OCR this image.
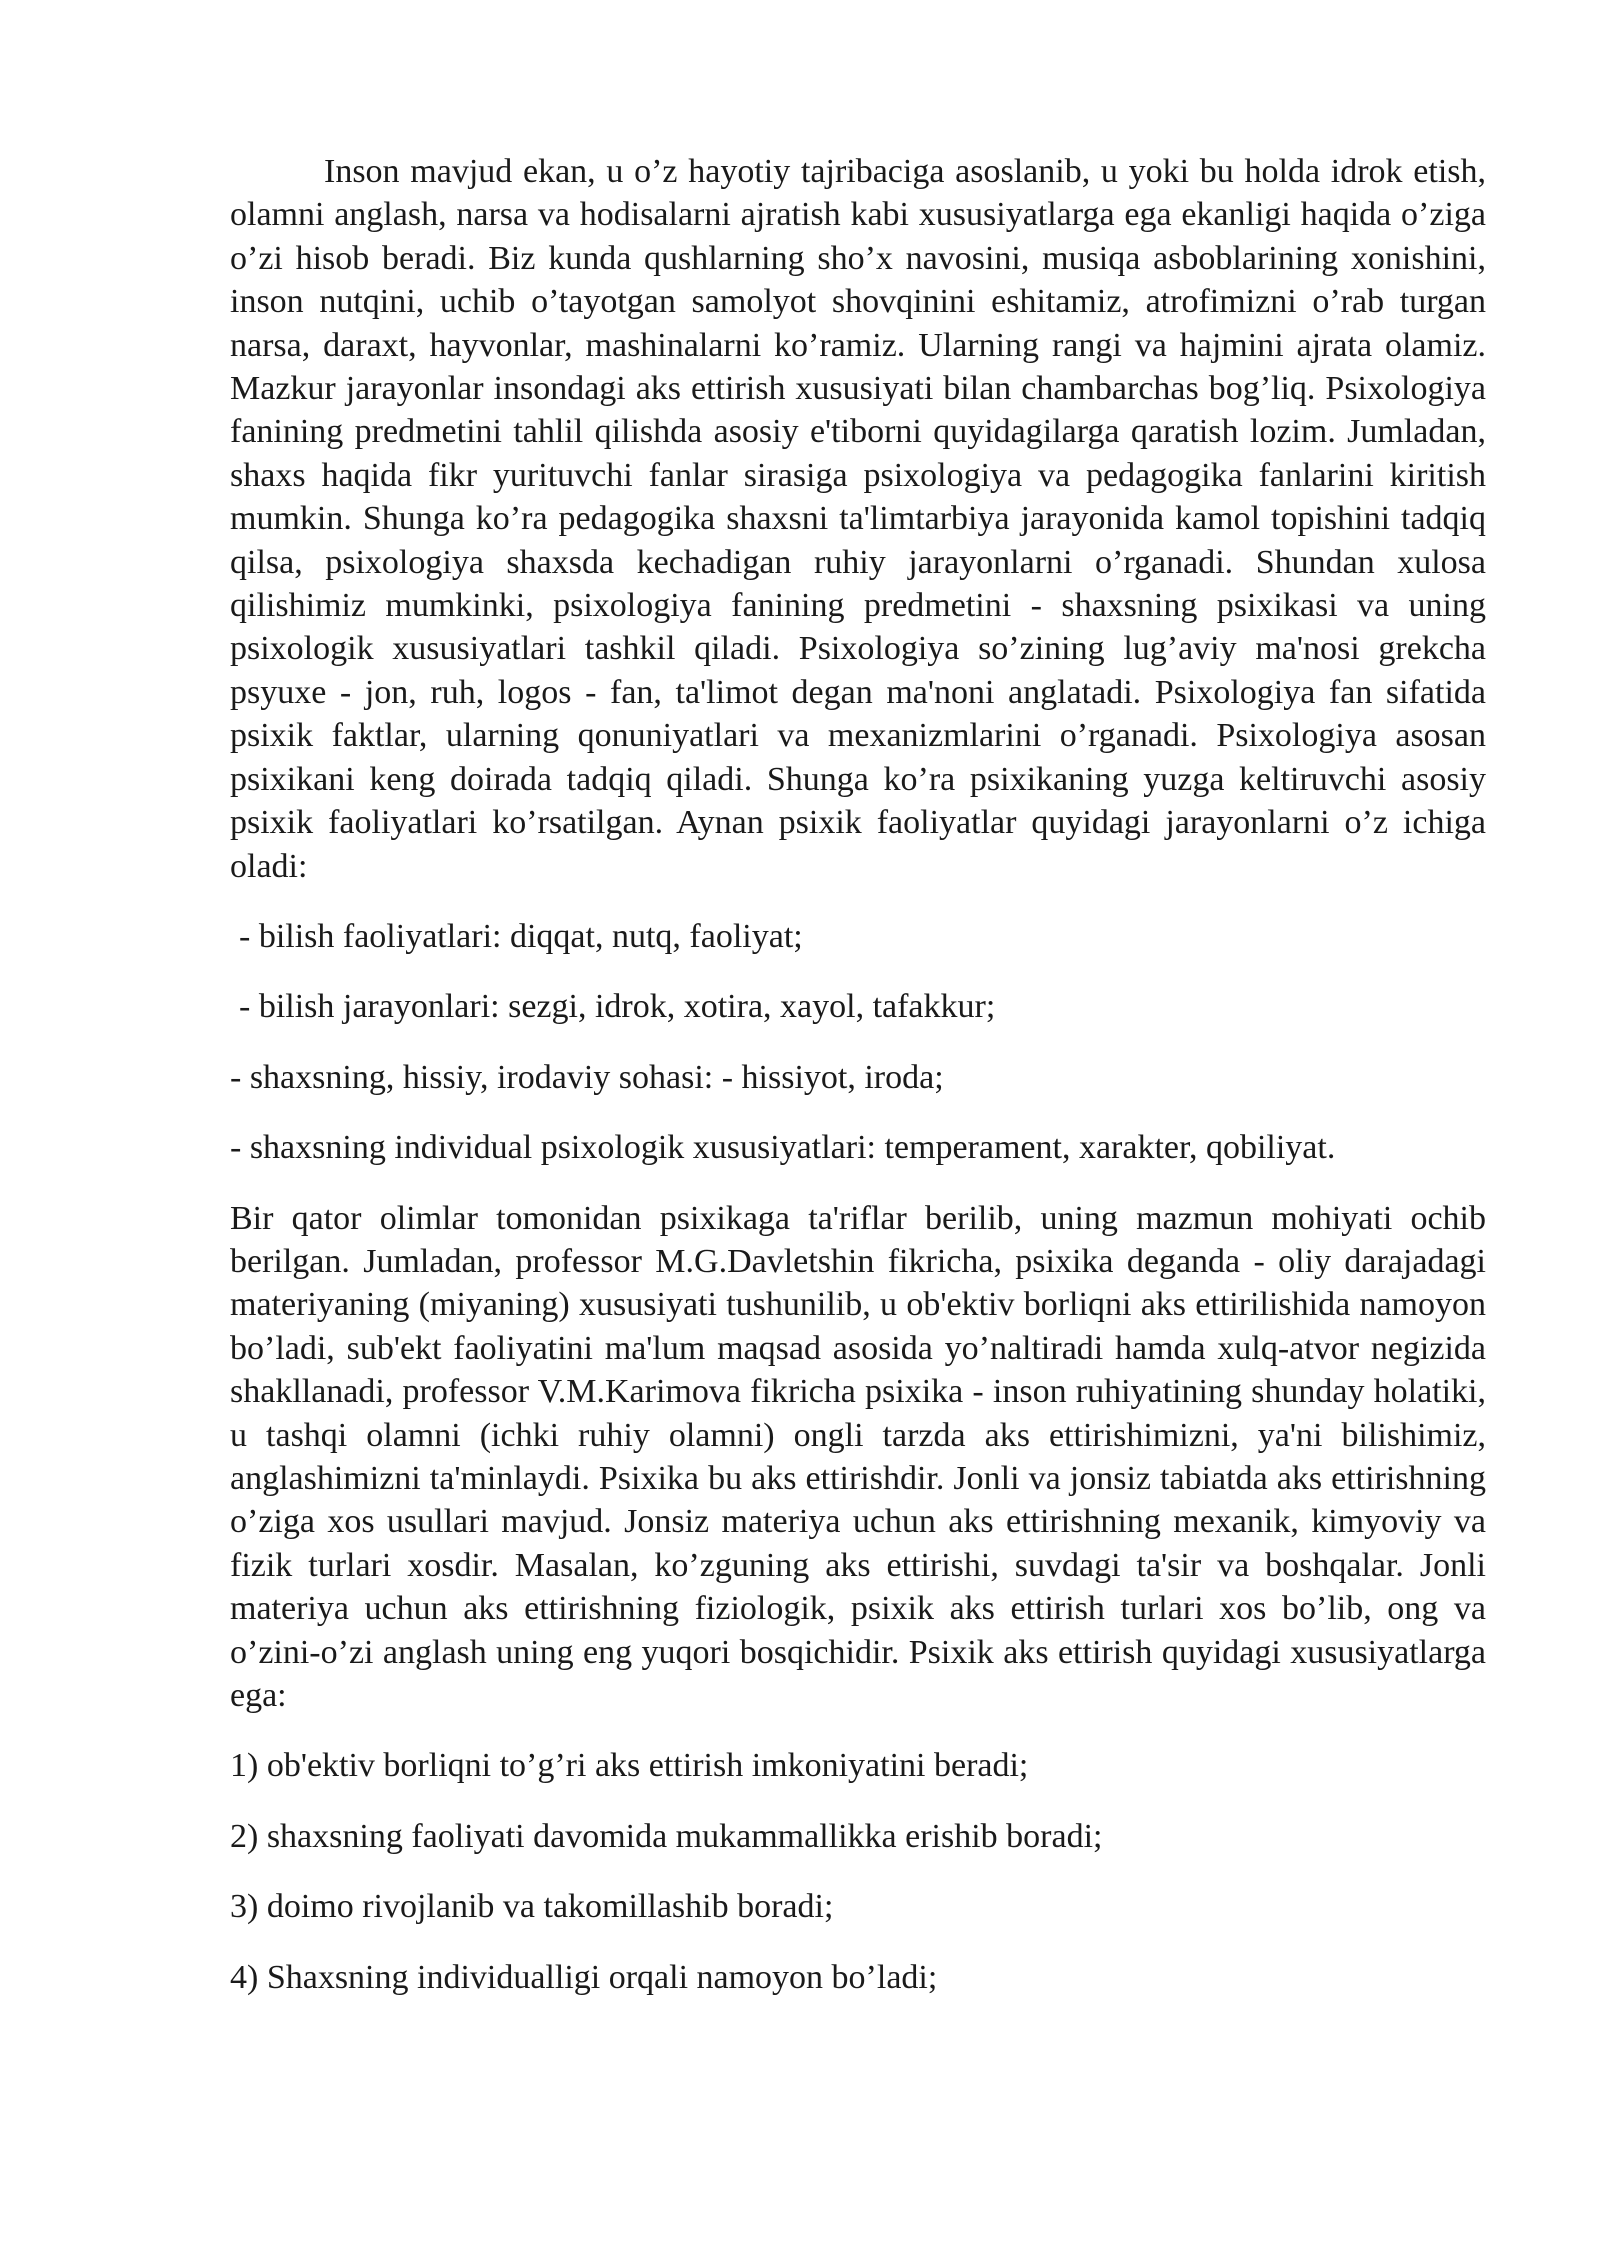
Inson mavjud ekan, u o’z hayotiy tajribaciga asoslanib, u yoki bu holda idrok etish, olamni anglash, narsa va hodisalarni ajratish kabi xususiyatlarga ega ekanligi haqida o’ziga o’zi hisob beradi. Biz kunda qushlarning sho’x navosini, musiqa asboblarining xonishini, inson nutqini, uchib o’tayotgan samolyot shovqinini eshitamiz, atrofimizni o’rab turgan narsa, daraxt, hayvonlar, mashinalarni ko’ramiz. Ularning rangi va hajmini ajrata olamiz. Mazkur jarayonlar insondagi aks ettirish xususiyati bilan chambarchas bog’liq. Psixologiya fanining predmetini tahlil qilishda asosiy e'tiborni quyidagilarga qaratish lozim. Jumladan, shaxs haqida fikr yurituvchi fanlar sirasiga psixologiya va pedagogika fanlarini kiritish mumkin. Shunga ko’ra pedagogika shaxsni ta'limtarbiya jarayonida kamol topishini tadqiq qilsa, psixologiya shaxsda kechadigan ruhiy jarayonlarni o’rganadi. Shundan xulosa qilishimiz mumkinki, psixologiya fanining predmetini - shaxsning psixikasi va uning psixologik xususiyatlari tashkil qiladi. Psixologiya so’zining lug’aviy ma'nosi grekcha psyuxe - jon, ruh, logos - fan, ta'limot degan ma'noni anglatadi. Psixologiya fan sifatida psixik faktlar, ularning qonuniyatlari va mexanizmlarini o’rganadi. Psixologiya asosan psixikani keng doirada tadqiq qiladi. Shunga ko’ra psixikaning yuzga keltiruvchi asosiy psixik faoliyatlari ko’rsatilgan. Aynan psixik faoliyatlar quyidagi jarayonlarni o’z ichiga oladi:

- bilish faoliyatlari: diqqat, nutq, faoliyat;
- bilish jarayonlari: sezgi, idrok, xotira, xayol, tafakkur;
- shaxsning, hissiy, irodaviy sohasi: - hissiyot, iroda;
- shaxsning individual psixologik xususiyatlari: temperament, xarakter, qobiliyat.

Bir qator olimlar tomonidan psixikaga ta'riflar berilib, uning mazmun mohiyati ochib berilgan. Jumladan, professor M.G.Davletshin fikricha, psixika deganda - oliy darajadagi materiyaning (miyaning) xususiyati tushunilib, u ob'ektiv borliqni aks ettirilishida namoyon bo’ladi, sub'ekt faoliyatini ma'lum maqsad asosida yo’naltiradi hamda xulq-atvor negizida shakllanadi, professor V.M.Karimova fikricha psixika - inson ruhiyatining shunday holatiki, u tashqi olamni (ichki ruhiy olamni) ongli tarzda aks ettirishimizni, ya'ni bilishimiz, anglashimizni ta'minlaydi. Psixika bu aks ettirishdir. Jonli va jonsiz tabiatda aks ettirishning o’ziga xos usullari mavjud. Jonsiz materiya uchun aks ettirishning mexanik, kimyoviy va fizik turlari xosdir. Masalan, ko’zguning aks ettirishi, suvdagi ta'sir va boshqalar. Jonli materiya uchun aks ettirishning fiziologik, psixik aks ettirish turlari xos bo’lib, ong va o’zini-o’zi anglash uning eng yuqori bosqichidir. Psixik aks ettirish quyidagi xususiyatlarga ega:

1) ob'ektiv borliqni to’g’ri aks ettirish imkoniyatini beradi;
2) shaxsning faoliyati davomida mukammallikka erishib boradi;
3) doimo rivojlanib va takomillashib boradi;
4) Shaxsning individualligi orqali namoyon bo’ladi;
